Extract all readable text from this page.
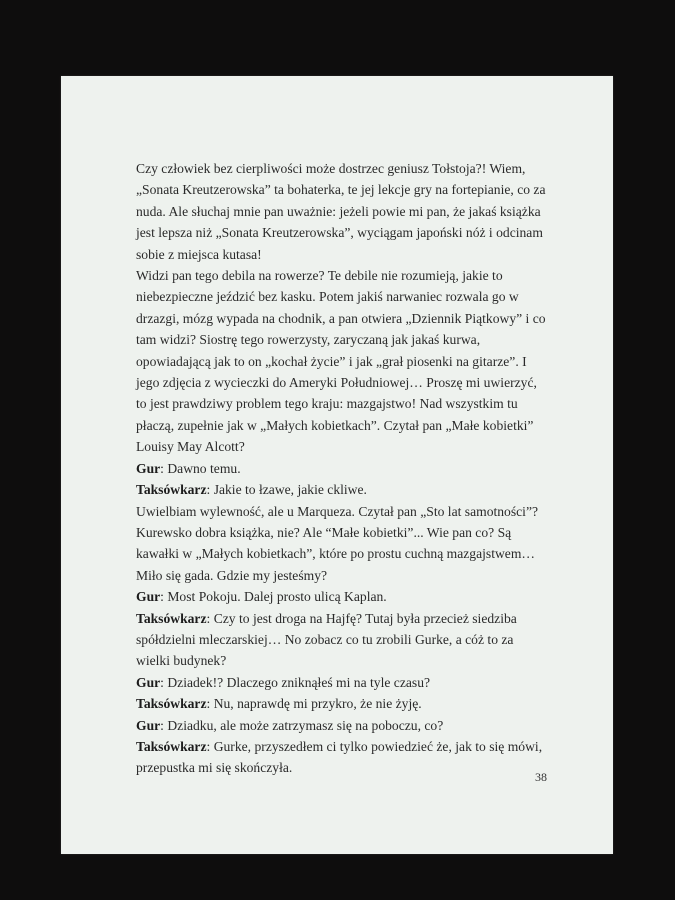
Czy człowiek bez cierpliwości może dostrzec geniusz Tołstoja?! Wiem, „Sonata Kreutzerowska” ta bohaterka, te jej lekcje gry na fortepianie, co za nuda. Ale słuchaj mnie pan uważnie: jeżeli powie mi pan, że jakaś książka jest lepsza niż „Sonata Kreutzerowska”, wyciągam japoński nóż i odcinam sobie z miejsca kutasa!

Widzi pan tego debila na rowerze? Te debile nie rozumieją, jakie to niebezpieczne jeździć bez kasku. Potem jakiś narwaniec rozwala go w drzazgi, mózg wypada na chodnik, a pan otwiera „Dziennik Piątkowy” i co tam widzi? Siostrę tego rowerzysty, zaryczaną jak jakaś kurwa, opowiadającą jak to on „kochał życie” i jak „grał piosenki na gitarze”. I jego zdjęcia z wycieczki do Ameryki Południowej… Proszę mi uwierzyć, to jest prawdziwy problem tego kraju: mazgajstwo! Nad wszystkim tu płaczą, zupełnie jak w „Małych kobietkach”. Czytał pan „Małe kobietki” Louisy May Alcott?

Gur: Dawno temu.

Taksówkarz: Jakie to łzawe, jakie ckliwe.

Uwielbiam wylewność, ale u Marqueza. Czytał pan „Sto lat samotności”? Kurewsko dobra książka, nie? Ale “Małe kobietki”... Wie pan co? Są kawałki w „Małych kobietkach”, które po prostu cuchną mazgajstwem… Miło się gada. Gdzie my jesteśmy?

Gur: Most Pokoju. Dalej prosto ulicą Kaplan.

Taksówkarz: Czy to jest droga na Hajfę? Tutaj była przecież siedziba spółdzielni mleczarskiej… No zobacz co tu zrobili Gurke, a cóż to za wielki budynek?

Gur: Dziadek!? Dlaczego zniknąłeś mi na tyle czasu?

Taksówkarz: Nu, naprawdę mi przykro, że nie żyję.

Gur: Dziadku, ale może zatrzymasz się na poboczu, co?

Taksówkarz: Gurke, przyszedłem ci tylko powiedzieć że, jak to się mówi, przepustka mi się skończyła.

38
